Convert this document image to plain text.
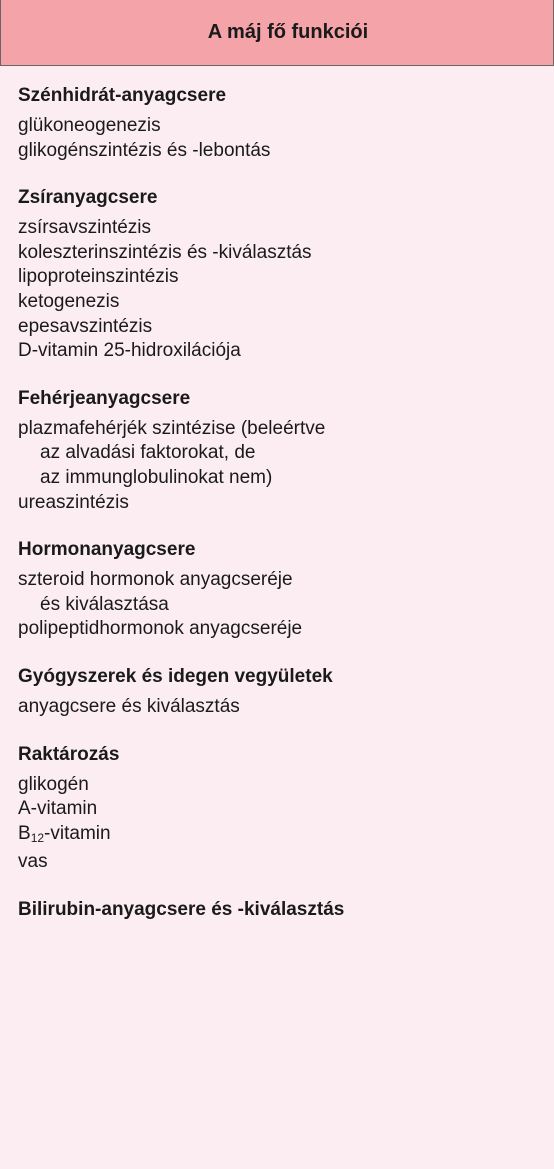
A máj fő funkciói
Szénhidrát-anyagcsere
glükoneogenezis
glikogénszintézis és -lebontás
Zsíranyagcsere
zsírsavszintézis
koleszterinszintézis és -kiválasztás
lipoproteinszintézis
ketogenezis
epesavszintézis
D-vitamin 25-hidroxilációja
Fehérjeanyagcsere
plazmafehérjék szintézise (beleértve
az alvadási faktorokat, de
az immunglobulinokat nem)
ureaszintézis
Hormonanyagcsere
szteroid hormonok anyagcseréje
és kiválasztása
polipeptidhormonok anyagcseréje
Gyógyszerek és idegen vegyületek
anyagcsere és kiválasztás
Raktározás
glikogén
A-vitamin
$B_{12}$-vitamin
vas
Bilirubin-anyagcsere és -kiválasztás
